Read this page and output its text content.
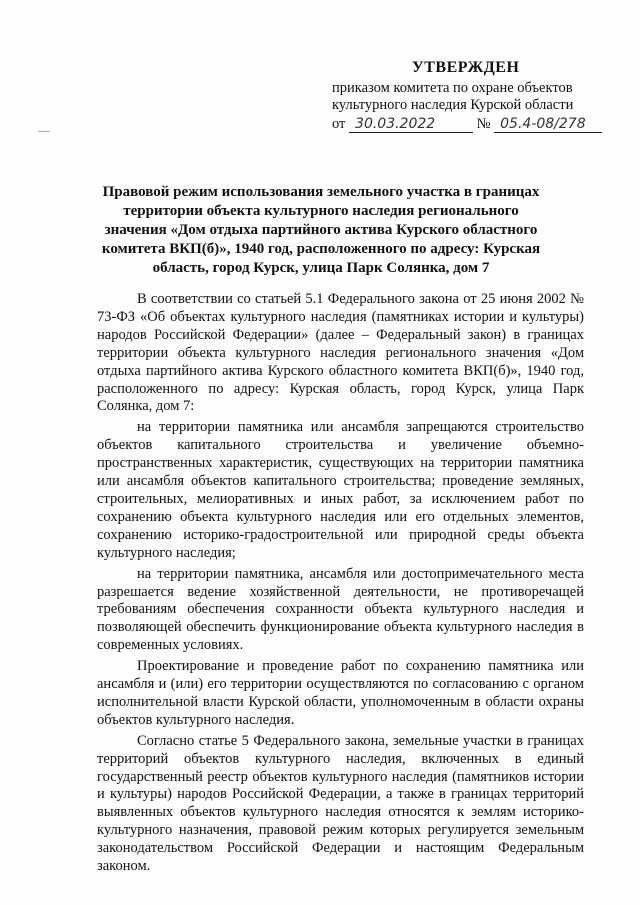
УТВЕРЖДЕН
приказом комитета по охране объектов
культурного наследия Курской области
от 30.03.2022	№ 05.4-08/278
Правовой режим использования земельного участка в границах территории объекта культурного наследия регионального значения «Дом отдыха партийного актива Курского областного комитета ВКП(б)», 1940 год, расположенного по адресу: Курская область, город Курск, улица Парк Солянка, дом 7

В соответствии со статьей 5.1 Федерального закона от 25 июня 2002 № 73-ФЗ «Об объектах культурного наследия (памятниках истории и культуры) народов Российской Федерации» (далее – Федеральный закон) в границах территории объекта культурного наследия регионального значения «Дом отдыха партийного актива Курского областного комитета ВКП(б)», 1940 год, расположенного по адресу: Курская область, город Курск, улица Парк Солянка, дом 7:

на территории памятника или ансамбля запрещаются строительство объектов капитального строительства и увеличение объемно-пространственных характеристик, существующих на территории памятника или ансамбля объектов капитального строительства; проведение земляных, строительных, мелиоративных и иных работ, за исключением работ по сохранению объекта культурного наследия или его отдельных элементов, сохранению историко-градостроительной или природной среды объекта культурного наследия;

на территории памятника, ансамбля или достопримечательного места разрешается ведение хозяйственной деятельности, не противоречащей требованиям обеспечения сохранности объекта культурного наследия и позволяющей обеспечить функционирование объекта культурного наследия в современных условиях.

Проектирование и проведение работ по сохранению памятника или ансамбля и (или) его территории осуществляются по согласованию с органом исполнительной власти Курской области, уполномоченным в области охраны объектов культурного наследия.

Согласно статье 5 Федерального закона, земельные участки в границах территорий объектов культурного наследия, включенных в единый государственный реестр объектов культурного наследия (памятников истории и культуры) народов Российской Федерации, а также в границах территорий выявленных объектов культурного наследия относятся к землям историко-культурного назначения, правовой режим которых регулируется земельным законодательством Российской Федерации и настоящим Федеральным законом.
